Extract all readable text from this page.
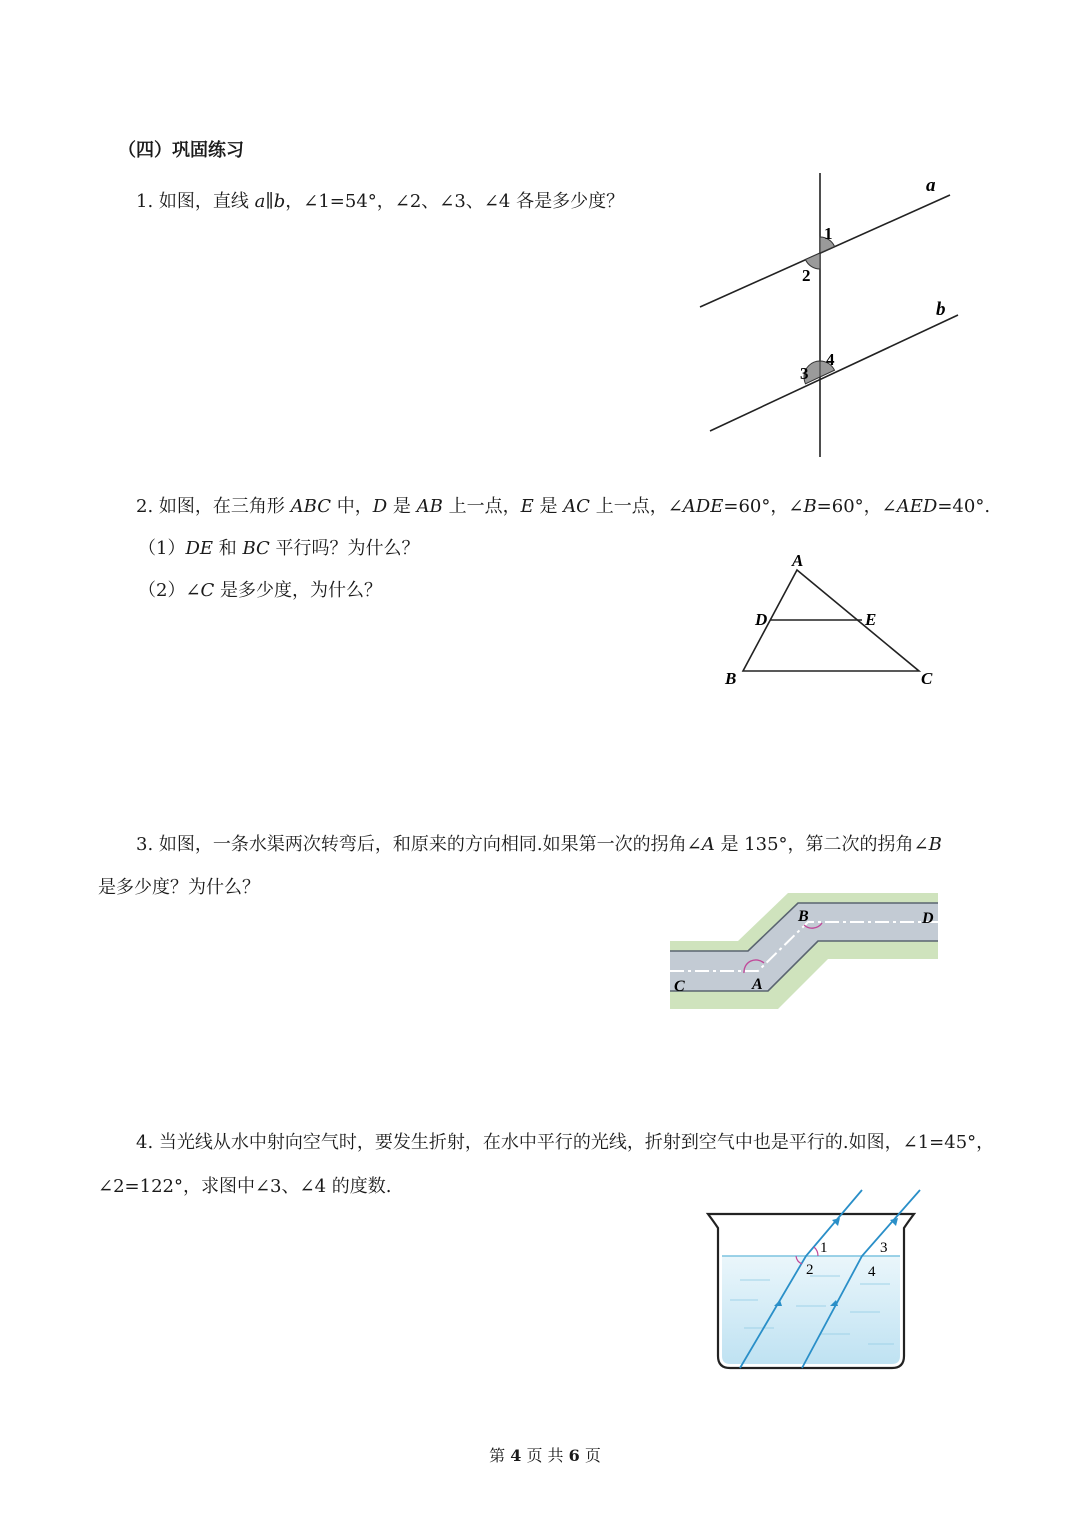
（四）巩固练习
1. 如图，直线 a∥b，∠1=54°，∠2、∠3、∠4 各是多少度？
a
b
1
2
3
4
2. 如图，在三角形 ABC 中，D 是 AB 上一点，E 是 AC 上一点，∠ADE=60°，∠B=60°，∠AED=40°.
（1）DE 和 BC 平行吗？为什么？
（2）∠C 是多少度，为什么？
A
B	C
D	E
3. 如图，一条水渠两次转弯后，和原来的方向相同.如果第一次的拐角∠A 是 135°，第二次的拐角∠B
是多少度？为什么？
C	A
B	D
4. 当光线从水中射向空气时，要发生折射，在水中平行的光线，折射到空气中也是平行的.如图，∠1=45°，
∠2=122°，求图中∠3、∠4 的度数.
1
2
3
4
第 4 页 共 6 页
